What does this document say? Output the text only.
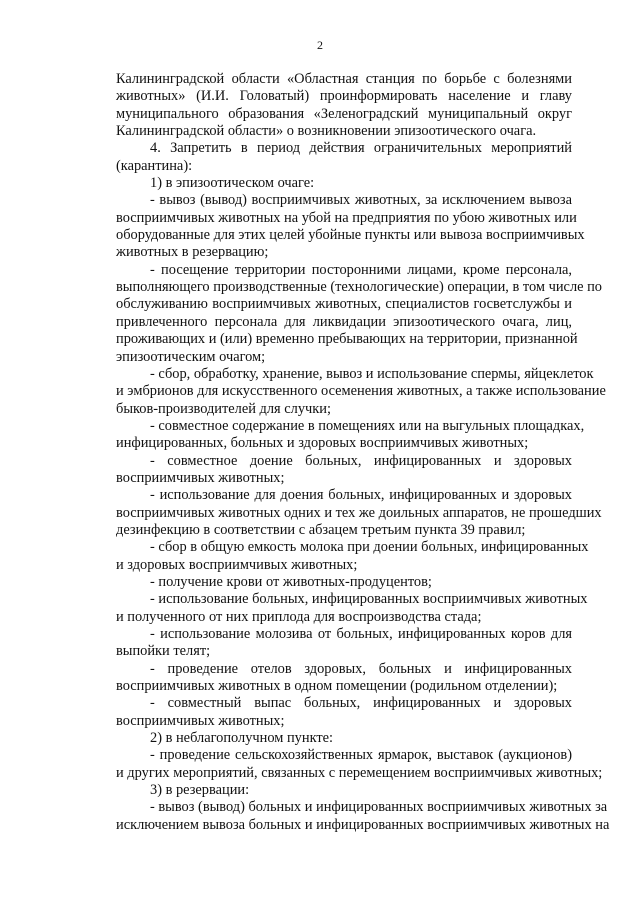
2
Калининградской области «Областная станция по борьбе с болезнями
животных» (И.И. Головатый) проинформировать население и главу
муниципального образования «Зеленоградский муниципальный округ
Калининградской области» о возникновении эпизоотического очага.
4. Запретить в период действия ограничительных мероприятий
(карантина):
1) в эпизоотическом очаге:
- вывоз (вывод) восприимчивых животных, за исключением вывоза
восприимчивых животных на убой на предприятия по убою животных или
оборудованные для этих целей убойные пункты или вывоза восприимчивых
животных в резервацию;
- посещение территории посторонними лицами, кроме персонала,
выполняющего производственные (технологические) операции, в том числе по
обслуживанию восприимчивых животных, специалистов госветслужбы и
привлеченного персонала для ликвидации эпизоотического очага, лиц,
проживающих и (или) временно пребывающих на территории, признанной
эпизоотическим очагом;
- сбор, обработку, хранение, вывоз и использование спермы, яйцеклеток
и эмбрионов для искусственного осеменения животных, а также использование
быков-производителей для случки;
- совместное содержание в помещениях или на выгульных площадках,
инфицированных, больных и здоровых восприимчивых животных;
- совместное доение больных, инфицированных и здоровых
восприимчивых животных;
- использование для доения больных, инфицированных и здоровых
восприимчивых животных одних и тех же доильных аппаратов, не прошедших
дезинфекцию в соответствии с абзацем третьим пункта 39 правил;
- сбор в общую емкость молока при доении больных, инфицированных
и здоровых восприимчивых животных;
- получение крови от животных-продуцентов;
- использование больных, инфицированных восприимчивых животных
и полученного от них приплода для воспроизводства стада;
- использование молозива от больных, инфицированных коров для
выпойки телят;
- проведение отелов здоровых, больных и инфицированных
восприимчивых животных в одном помещении (родильном отделении);
- совместный выпас больных, инфицированных и здоровых
восприимчивых животных;
2) в неблагополучном пункте:
- проведение сельскохозяйственных ярмарок, выставок (аукционов)
и других мероприятий, связанных с перемещением восприимчивых животных;
3) в резервации:
- вывоз (вывод) больных и инфицированных восприимчивых животных за
исключением вывоза больных и инфицированных восприимчивых животных на
